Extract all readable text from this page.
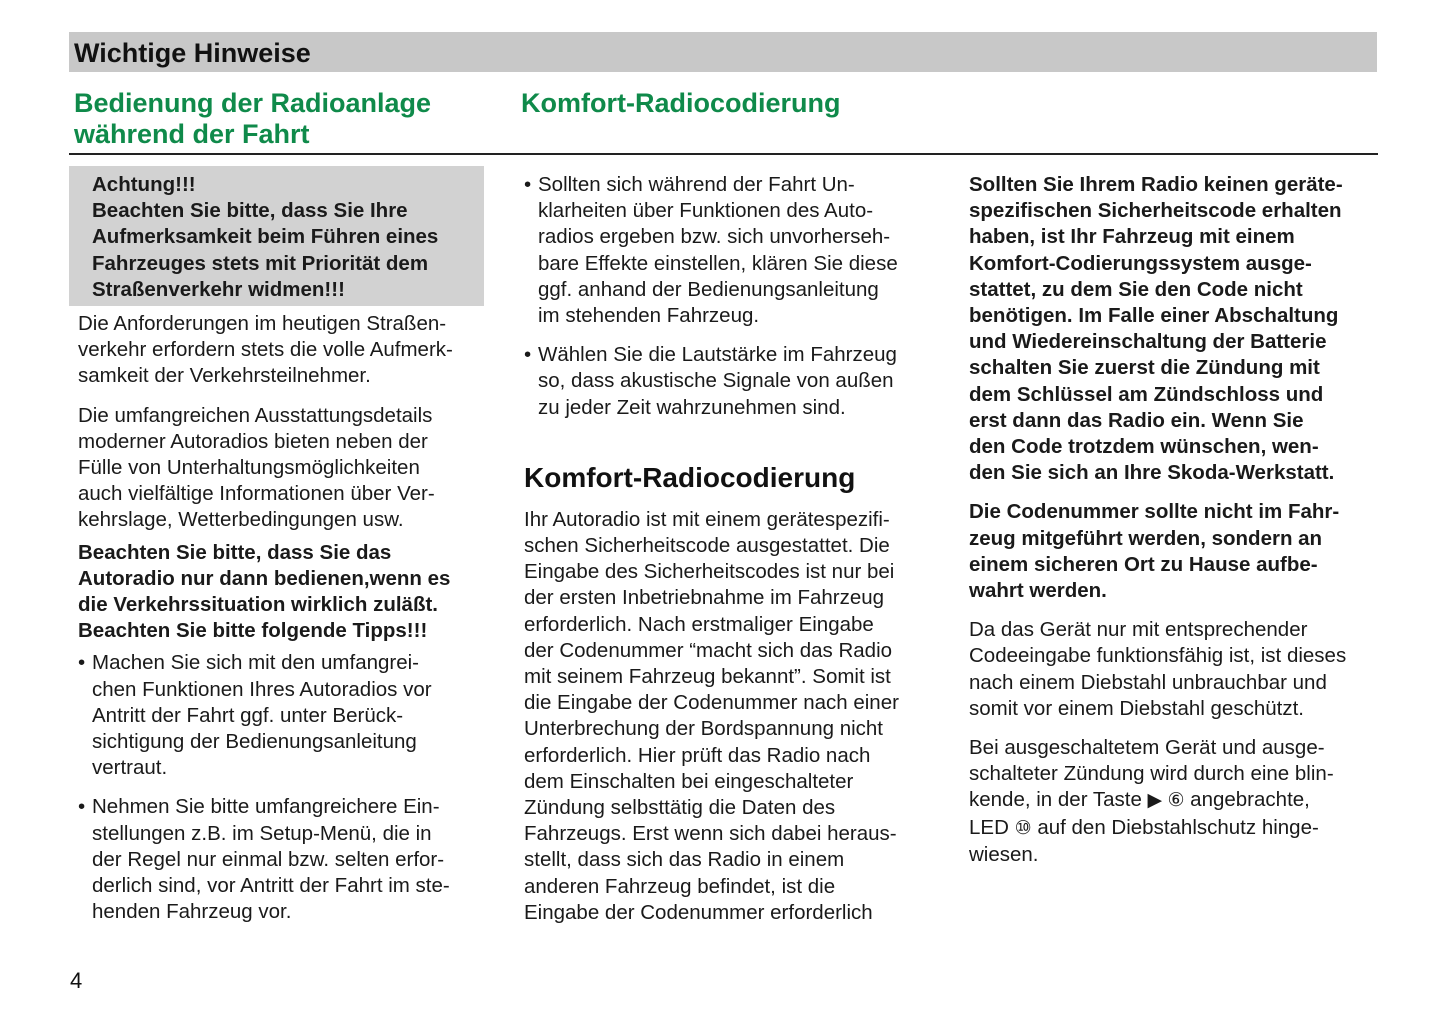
Wichtige Hinweise
Bedienung der Radioanlage
während der Fahrt
Komfort-Radiocodierung
Achtung!!!
Beachten Sie bitte, dass Sie Ihre
Aufmerksamkeit beim Führen eines
Fahrzeuges stets mit Priorität dem
Straßenverkehr widmen!!!
Die Anforderungen im heutigen Straßen-
verkehr erfordern stets die volle Aufmerk-
samkeit der Verkehrsteilnehmer.
Die umfangreichen Ausstattungsdetails
moderner Autoradios bieten neben der
Fülle von Unterhaltungsmöglichkeiten
auch vielfältige Informationen über Ver-
kehrslage, Wetterbedingungen usw.
Beachten Sie bitte, dass Sie das
Autoradio nur dann bedienen,wenn es
die Verkehrssituation wirklich zuläßt.
Beachten Sie bitte folgende Tipps!!!
• Machen Sie sich mit den umfangrei-
chen Funktionen Ihres Autoradios vor
Antritt der Fahrt ggf. unter Berück-
sichtigung der Bedienungsanleitung
vertraut.
• Nehmen Sie bitte umfangreichere Ein-
stellungen z.B. im Setup-Menü, die in
der Regel nur einmal bzw. selten erfor-
derlich sind, vor Antritt der Fahrt im ste-
henden Fahrzeug vor.
• Sollten sich während der Fahrt Un-
klarheiten über Funktionen des Auto-
radios ergeben bzw. sich unvorherseh-
bare Effekte einstellen, klären Sie diese
ggf. anhand der Bedienungsanleitung
im stehenden Fahrzeug.
• Wählen Sie die Lautstärke im Fahrzeug
so, dass akustische Signale von außen
zu jeder Zeit wahrzunehmen sind.
Komfort-Radiocodierung
Ihr Autoradio ist mit einem gerätespezifi-
schen Sicherheitscode ausgestattet. Die
Eingabe des Sicherheitscodes ist nur bei
der ersten Inbetriebnahme im Fahrzeug
erforderlich. Nach erstmaliger Eingabe
der Codenummer “macht sich das Radio
mit seinem Fahrzeug bekannt”. Somit ist
die Eingabe der Codenummer nach einer
Unterbrechung der Bordspannung nicht
erforderlich. Hier prüft das Radio nach
dem Einschalten bei eingeschalteter
Zündung selbsttätig die Daten des
Fahrzeugs. Erst wenn sich dabei heraus-
stellt, dass sich das Radio in einem
anderen Fahrzeug befindet, ist die
Eingabe der Codenummer erforderlich
Sollten Sie Ihrem Radio keinen geräte-
spezifischen Sicherheitscode erhalten
haben, ist Ihr Fahrzeug mit einem
Komfort-Codierungssystem ausge-
stattet, zu dem Sie den Code nicht
benötigen. Im Falle einer Abschaltung
und Wiedereinschaltung der Batterie
schalten Sie zuerst die Zündung mit
dem Schlüssel am Zündschloss und
erst dann das Radio ein. Wenn Sie
den Code trotzdem wünschen, wen-
den Sie sich an Ihre Skoda-Werkstatt.
Die Codenummer sollte nicht im Fahr-
zeug mitgeführt werden, sondern an
einem sicheren Ort zu Hause aufbe-
wahrt werden.
Da das Gerät nur mit entsprechender
Codeeingabe funktionsfähig ist, ist dieses
nach einem Diebstahl unbrauchbar und
somit vor einem Diebstahl geschützt.
Bei ausgeschaltetem Gerät und ausge-
schalteter Zündung wird durch eine blin-
kende, in der Taste ▶ ⑥ angebrachte,
LED ⑩ auf den Diebstahlschutz hinge-
wiesen.
4
